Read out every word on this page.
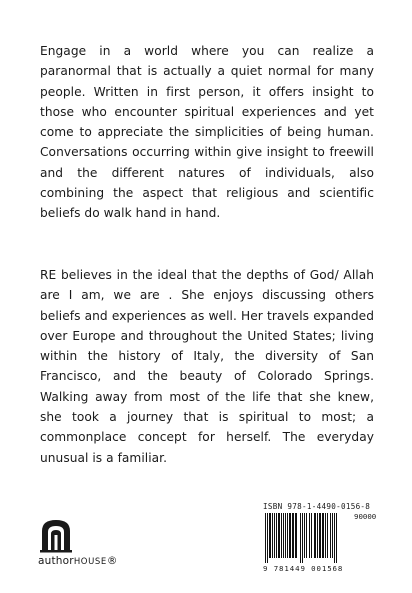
Engage in a world where you can realize a paranormal that is actually a quiet normal for many people. Written in first person, it offers insight to those who encounter spiritual experiences and yet come to appreciate the simplicities of being human. Conversations occurring within give insight to freewill and the different natures of individuals, also combining the aspect that religious and scientific beliefs do walk hand in hand.
RE believes in the ideal that the depths of God/ Allah are I am, we are . She enjoys discussing others beliefs and experiences as well. Her travels expanded over Europe and throughout the United States; living within the history of Italy, the diversity of San Francisco, and the beauty of Colorado Springs. Walking away from most of the life that she knew, she took a journey that is spiritual to most; a commonplace concept for herself. The everyday unusual is a familiar.
authorHOUSE®
ISBN 978-1-4490-0156-8
90000
9 781449 001568
